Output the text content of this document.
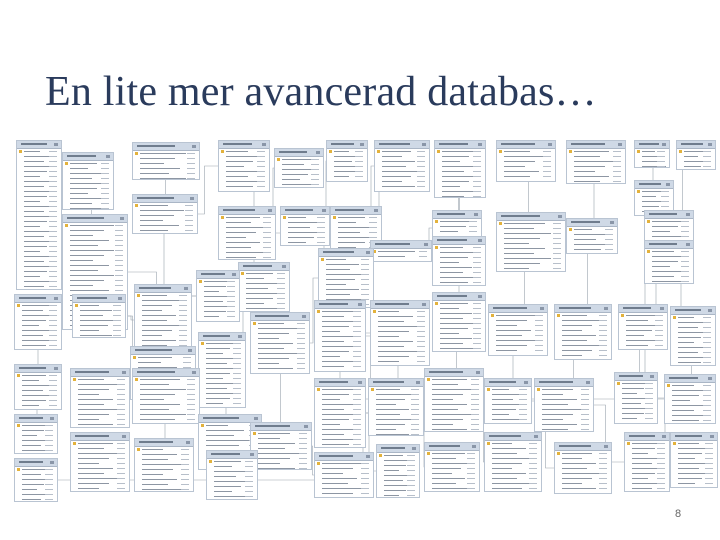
En lite mer avancerad databas…
8
